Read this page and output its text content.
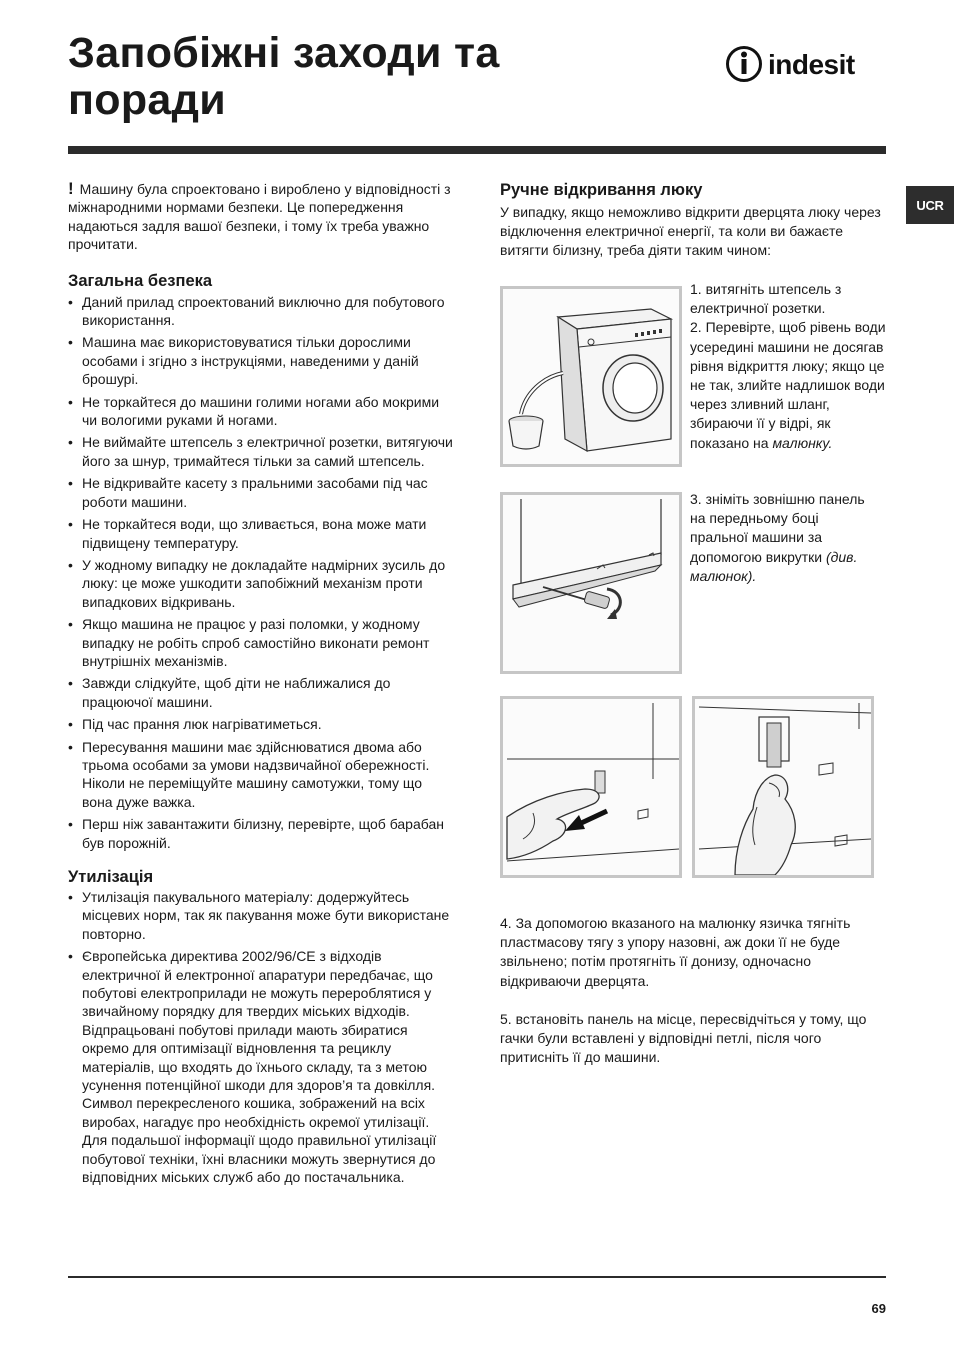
Запобіжні заходи та
поради
indesit
UCR

! Машину була спроектовано і вироблено у відповідності з міжнародними нормами безпеки. Це попередження надаються задля вашої безпеки, і тому їх треба уважно прочитати.

Загальна безпека
• Даний прилад спроектований виключно для побутового використання.
• Машина має використовуватися тільки дорослими особами і згідно з інструкціями, наведеними у даній брошурі.
• Не торкайтеся до машини голими ногами або мокрими чи вологими руками й ногами.
• Не виймайте штепсель з електричної розетки, витягуючи його за шнур, тримайтеся тільки за самий штепсель.
• Не відкривайте касету з пральними засобами під час роботи машини.
• Не торкайтеся води, що зливається, вона може мати підвищену температуру.
• У жодному випадку не докладайте надмірних зусиль до люку: це може ушкодити запобіжний механізм проти випадкових відкривань.
• Якщо машина не працює у разі поломки, у жодному випадку не робіть спроб самостійно виконати ремонт внутрішніх механізмів.
• Завжди слідкуйте, щоб діти не наближалися до працюючої машини.
• Під час прання люк нагріватиметься.
• Пересування машини має здійснюватися двома або трьома особами за умови надзвичайної обережності. Ніколи не переміщуйте машину самотужки, тому що вона дуже важка.
• Перш ніж завантажити білизну, перевірте, щоб барабан був порожній.
Утилізація
• Утилізація пакувального матеріалу: додержуйтесь місцевих норм, так як пакування може бути використане повторно.
• Європейська директива 2002/96/CE з відходів електричної й електронної апаратури передбачає, що побутові електроприлади не можуть перероблятися у звичайному порядку для твердих міських відходів. Відпрацьовані побутові прилади мають збиратися окремо для оптимізації відновлення та рециклу матеріалів, що входять до їхнього складу, та з метою усунення потенційної шкоди для здоров’я та довкілля. Символ перекресленого кошика, зображений на всіх виробах, нагадує про необхідність окремої утилізації.
Для подальшої інформації щодо правильної утилізації побутової техніки, їхні власники можуть звернутися до відповідних міських служб або до постачальника.
Ручне відкривання люку

У випадку, якщо неможливо відкрити дверцята люку через відключення електричної енергії, та коли ви бажаєте витягти білизну, треба діяти таким чином:

1. витягніть штепсель з електричної розетки.
2. Перевірте, щоб рівень води усередині машини не досягав рівня відкриття люку; якщо це не так, злийте надлишок води через зливний шланг, збираючи її у відрі, як показано на малюнку.
3. зніміть зовнішню панель на передньому боці пральної машини за допомогою викрутки (див. малюнок).
4. За допомогою вказаного на малюнку язичка тягніть пластмасову тягу з упору назовні, аж доки її не буде звільнено; потім протягніть її донизу, одночасно відкриваючи дверцята.
5. встановіть панель на місце, пересвідчіться у тому, що гачки були вставлені у відповідні петлі, після чого притисніть її до машини.
69
